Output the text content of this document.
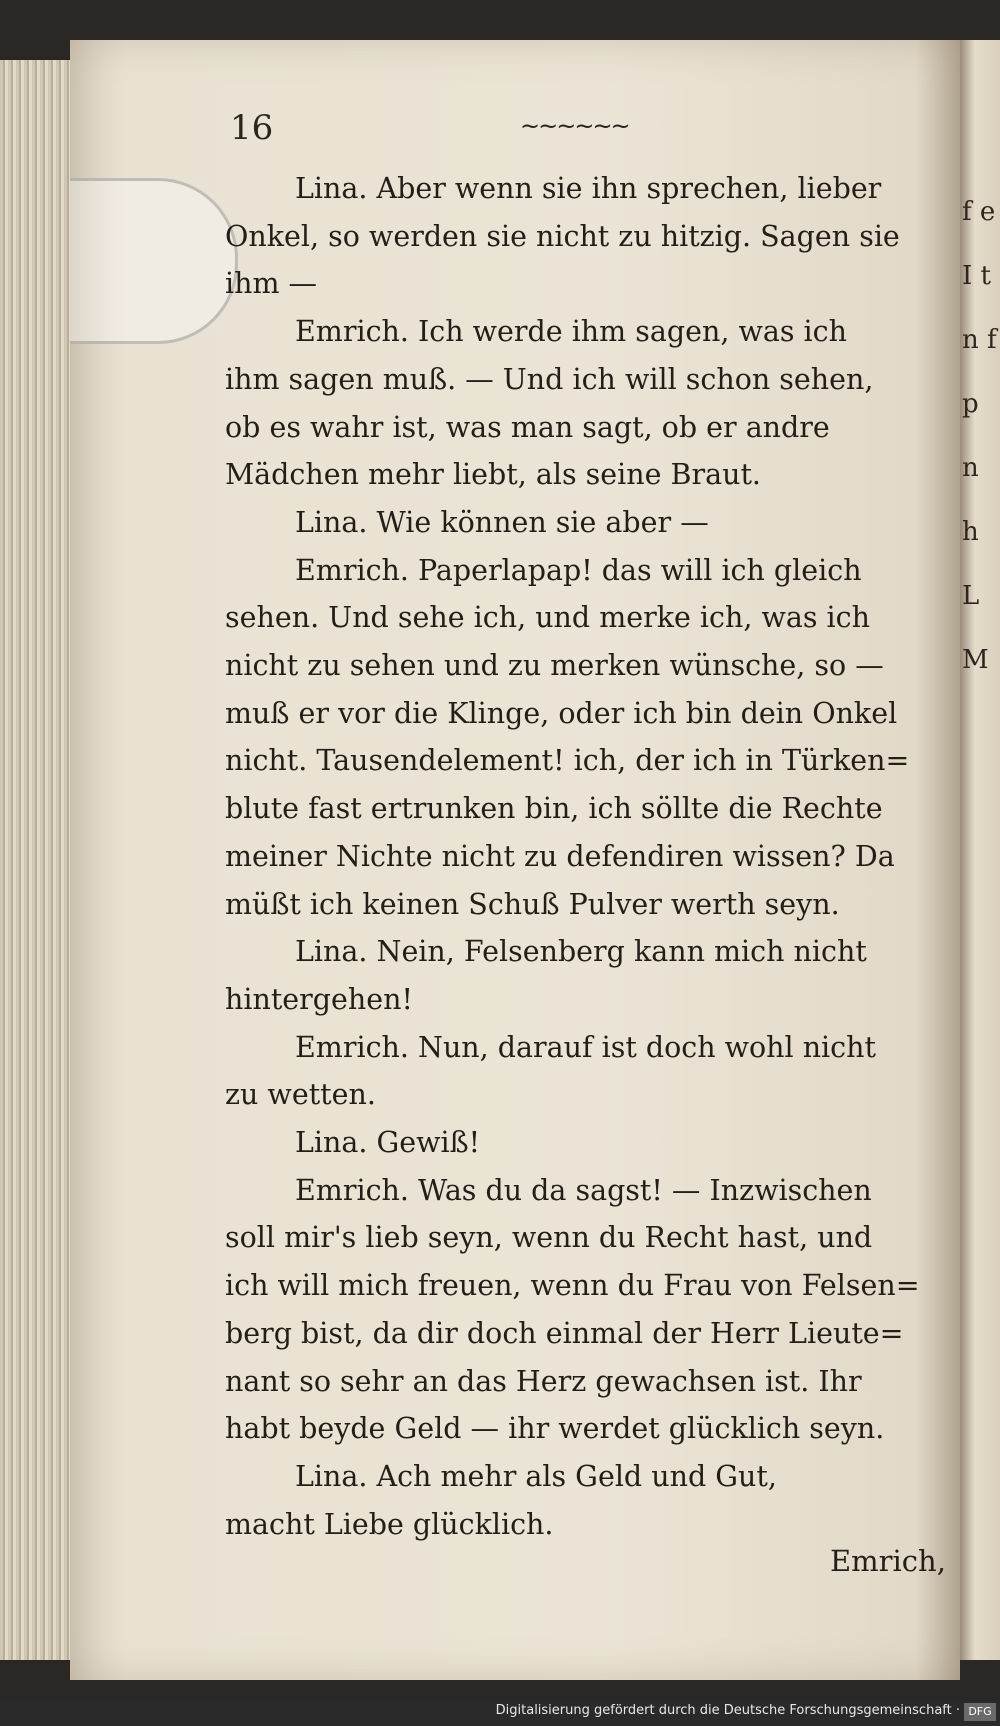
f e I t n f p n h L M
16	~~~~~~

Lina. Aber wenn sie ihn sprechen, lieber

Onkel, so werden sie nicht zu hitzig. Sagen sie

ihm —

Emrich. Ich werde ihm sagen, was ich

ihm sagen muß. — Und ich will schon sehen,

ob es wahr ist, was man sagt, ob er andre

Mädchen mehr liebt, als seine Braut.

Lina. Wie können sie aber —

Emrich. Paperlapap! das will ich gleich

sehen. Und sehe ich, und merke ich, was ich

nicht zu sehen und zu merken wünsche, so —

muß er vor die Klinge, oder ich bin dein Onkel

nicht. Tausendelement! ich, der ich in Türken=

blute fast ertrunken bin, ich söllte die Rechte

meiner Nichte nicht zu defendiren wissen? Da

müßt ich keinen Schuß Pulver werth seyn.

Lina. Nein, Felsenberg kann mich nicht

hintergehen!

Emrich. Nun, darauf ist doch wohl nicht

zu wetten.

Lina. Gewiß!

Emrich. Was du da sagst! — Inzwischen

soll mir's lieb seyn, wenn du Recht hast, und

ich will mich freuen, wenn du Frau von Felsen=

berg bist, da dir doch einmal der Herr Lieute=

nant so sehr an das Herz gewachsen ist. Ihr

habt beyde Geld — ihr werdet glücklich seyn.

Lina. Ach mehr als Geld und Gut,

macht Liebe glücklich.

Emrich,
Digitalisierung gefördert durch die Deutsche Forschungsgemeinschaft · DFG
